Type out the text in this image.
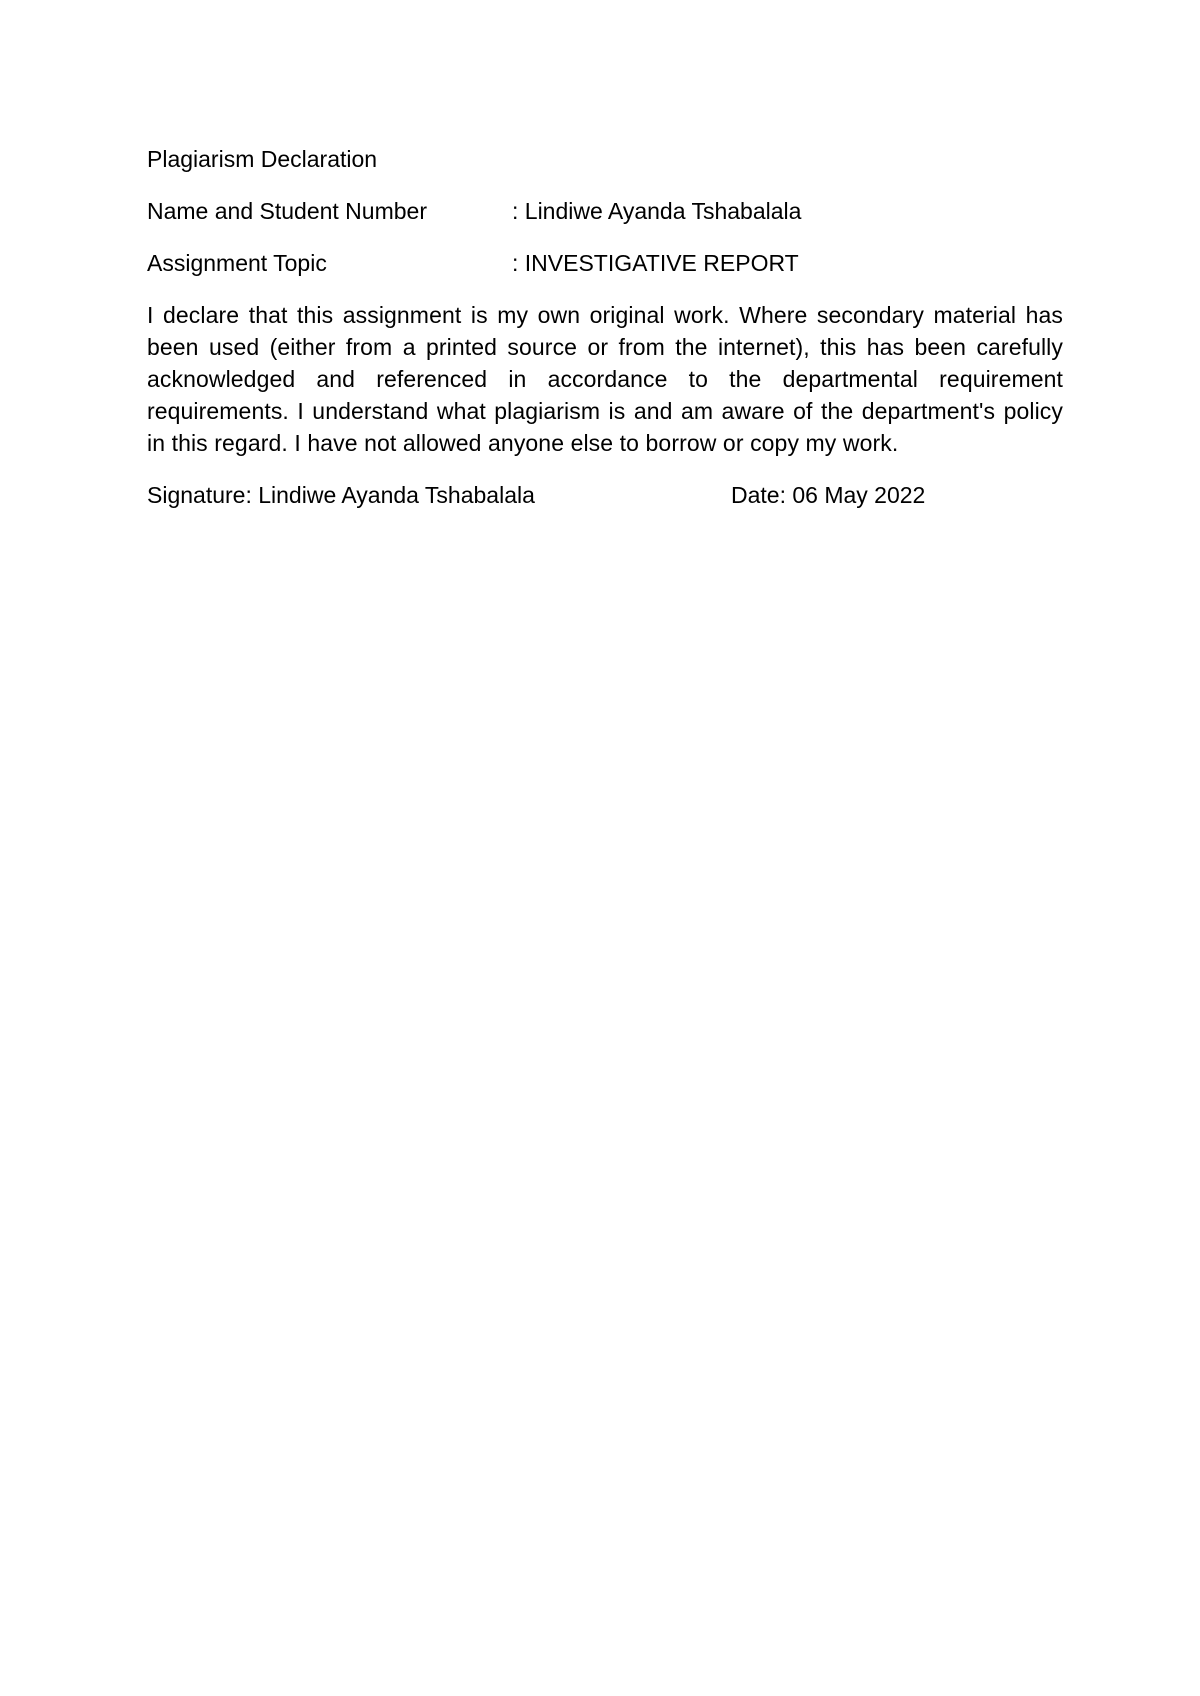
Plagiarism Declaration
Name and Student Number	: Lindiwe Ayanda Tshabalala
Assignment Topic	: INVESTIGATIVE REPORT

I declare that this assignment is my own original work. Where secondary material has been used (either from a printed source or from the internet), this has been carefully acknowledged and referenced in accordance to the departmental requirement requirements. I understand what plagiarism is and am aware of the department's policy in this regard. I have not allowed anyone else to borrow or copy my work.

Signature: Lindiwe Ayanda Tshabalala	Date: 06 May 2022
